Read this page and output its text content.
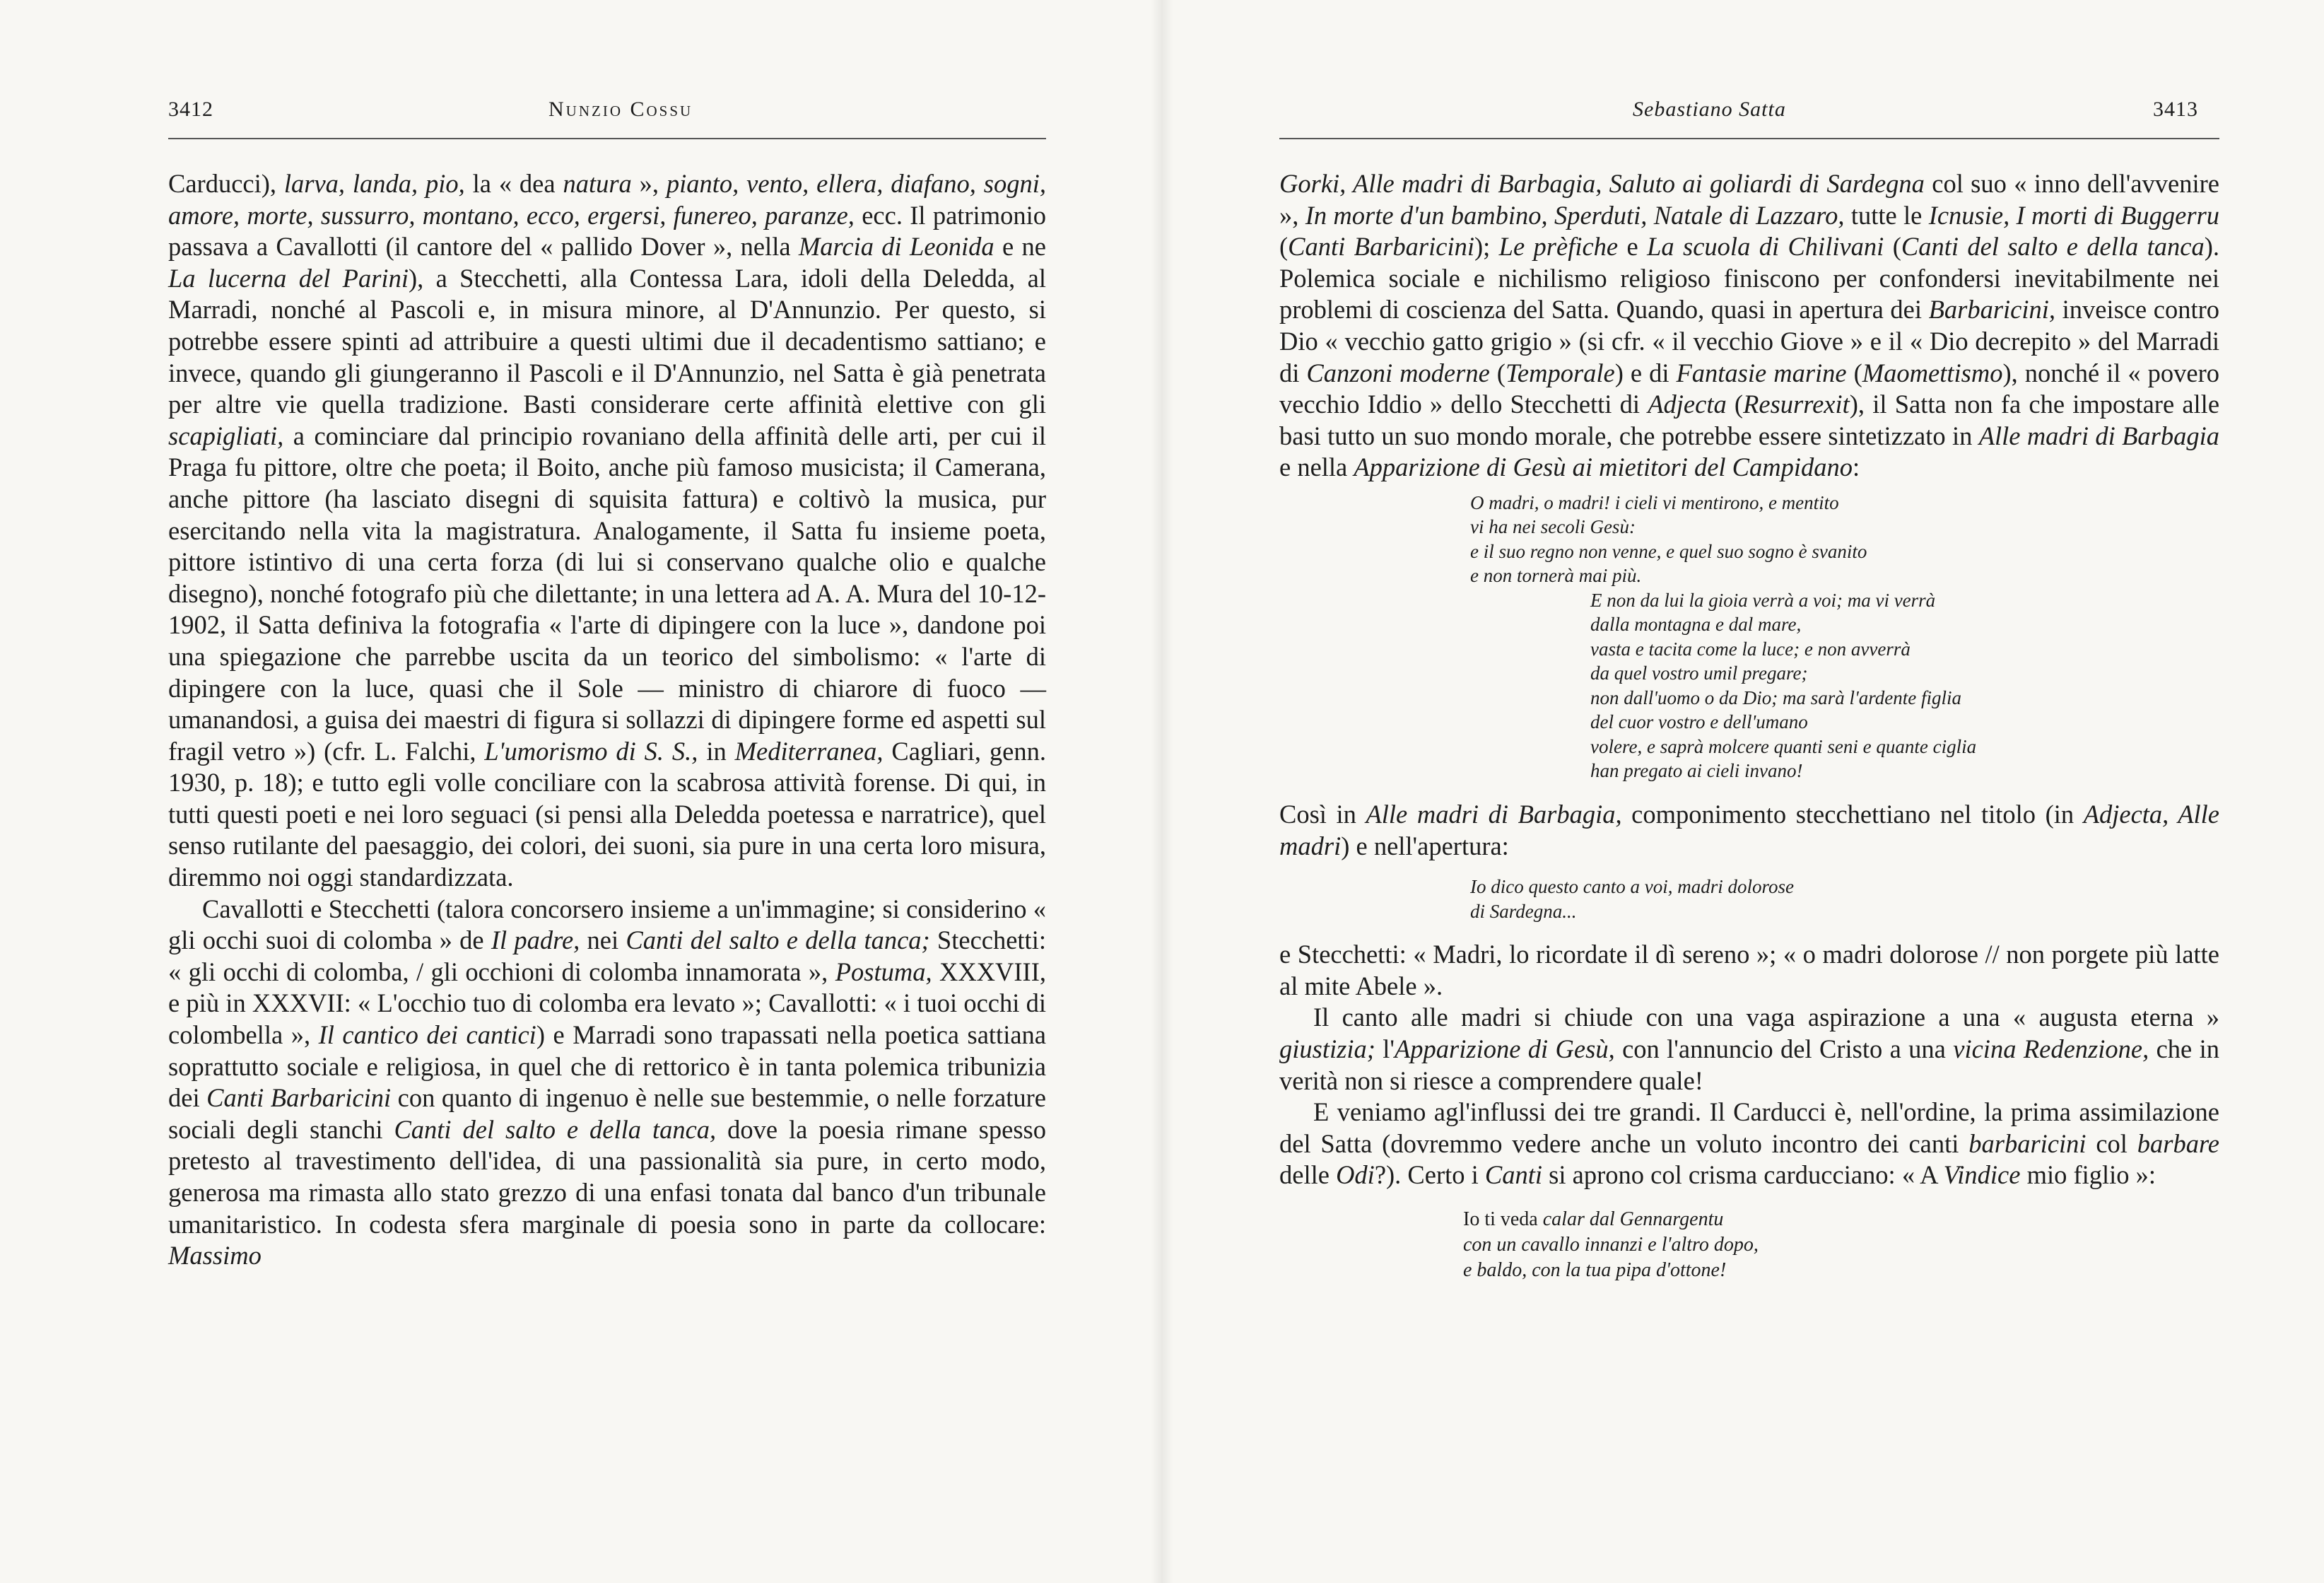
3412	Nunzio Cossu

Carducci), larva, landa, pio, la « dea natura », pianto, vento, ellera, diafano, sogni, amore, morte, sussurro, montano, ecco, ergersi, funereo, paranze, ecc. Il patrimonio passava a Cavallotti (il cantore del « pallido Dover », nella Marcia di Leonida e ne La lucerna del Parini), a Stecchetti, alla Contessa Lara, idoli della Deledda, al Marradi, nonché al Pascoli e, in misura minore, al D'Annunzio. Per questo, si potrebbe essere spinti ad attribuire a questi ultimi due il decadentismo sattiano; e invece, quando gli giungeranno il Pascoli e il D'Annunzio, nel Satta è già penetrata per altre vie quella tradizione. Basti considerare certe affinità elettive con gli scapigliati, a cominciare dal principio rovaniano della affinità delle arti, per cui il Praga fu pittore, oltre che poeta; il Boito, anche più famoso musicista; il Camerana, anche pittore (ha lasciato disegni di squisita fattura) e coltivò la musica, pur esercitando nella vita la magistratura. Analogamente, il Satta fu insieme poeta, pittore istintivo di una certa forza (di lui si conservano qualche olio e qualche disegno), nonché fotografo più che dilettante; in una lettera ad A. A. Mura del 10-12-1902, il Satta definiva la fotografia « l'arte di dipingere con la luce », dandone poi una spiegazione che parrebbe uscita da un teorico del simbolismo: « l'arte di dipingere con la luce, quasi che il Sole — ministro di chiarore di fuoco — umanandosi, a guisa dei maestri di figura si sollazzi di dipingere forme ed aspetti sul fragil vetro ») (cfr. L. Falchi, L'umorismo di S. S., in Mediterranea, Cagliari, genn. 1930, p. 18); e tutto egli volle conciliare con la scabrosa attività forense. Di qui, in tutti questi poeti e nei loro seguaci (si pensi alla Deledda poetessa e narratrice), quel senso rutilante del paesaggio, dei colori, dei suoni, sia pure in una certa loro misura, diremmo noi oggi standardizzata.

Cavallotti e Stecchetti (talora concorsero insieme a un'immagine; si considerino « gli occhi suoi di colomba » de Il padre, nei Canti del salto e della tanca; Stecchetti: « gli occhi di colomba, / gli occhioni di colomba innamorata », Postuma, XXXVIII, e più in XXXVII: « L'occhio tuo di colomba era levato »; Cavallotti: « i tuoi occhi di colombella », Il cantico dei cantici) e Marradi sono trapassati nella poetica sattiana soprattutto sociale e religiosa, in quel che di rettorico è in tanta polemica tribunizia dei Canti Barbaricini con quanto di ingenuo è nelle sue bestemmie, o nelle forzature sociali degli stanchi Canti del salto e della tanca, dove la poesia rimane spesso pretesto al travestimento dell'idea, di una passionalità sia pure, in certo modo, generosa ma rimasta allo stato grezzo di una enfasi tonata dal banco d'un tribunale umanitaristico. In codesta sfera marginale di poesia sono in parte da collocare: Massimo

Sebastiano Satta	3413

Gorki, Alle madri di Barbagia, Saluto ai goliardi di Sardegna col suo « inno dell'avvenire », In morte d'un bambino, Sperduti, Natale di Lazzaro, tutte le Icnusie, I morti di Buggerru (Canti Barbaricini); Le prèfiche e La scuola di Chilivani (Canti del salto e della tanca). Polemica sociale e nichilismo religioso finiscono per confondersi inevitabilmente nei problemi di coscienza del Satta. Quando, quasi in apertura dei Barbaricini, inveisce contro Dio « vecchio gatto grigio » (si cfr. « il vecchio Giove » e il « Dio decrepito » del Marradi di Canzoni moderne (Temporale) e di Fantasie marine (Maomettismo), nonché il « povero vecchio Iddio » dello Stecchetti di Adjecta (Resurrexit), il Satta non fa che impostare alle basi tutto un suo mondo morale, che potrebbe essere sintetizzato in Alle madri di Barbagia e nella Apparizione di Gesù ai mietitori del Campidano:

O madri, o madri! i cieli vi mentirono, e mentito
vi ha nei secoli Gesù:
e il suo regno non venne, e quel suo sogno è svanito
e non tornerà mai più.
E non da lui la gioia verrà a voi; ma vi verrà
dalla montagna e dal mare,
vasta e tacita come la luce; e non avverrà
da quel vostro umil pregare;
non dall'uomo o da Dio; ma sarà l'ardente figlia
del cuor vostro e dell'umano
volere, e saprà molcere quanti seni e quante ciglia
han pregato ai cieli invano!

Così in Alle madri di Barbagia, componimento stecchettiano nel titolo (in Adjecta, Alle madri) e nell'apertura:

Io dico questo canto a voi, madri dolorose
di Sardegna...

e Stecchetti: « Madri, lo ricordate il dì sereno »; « o madri dolorose // non porgete più latte al mite Abele ».

Il canto alle madri si chiude con una vaga aspirazione a una « augusta eterna » giustizia; l'Apparizione di Gesù, con l'annuncio del Cristo a una vicina Redenzione, che in verità non si riesce a comprendere quale!

E veniamo agl'influssi dei tre grandi. Il Carducci è, nell'ordine, la prima assimilazione del Satta (dovremmo vedere anche un voluto incontro dei canti barbaricini col barbare delle Odi?). Certo i Canti si aprono col crisma carducciano: « A Vindice mio figlio »:

Io ti veda calar dal Gennargentu
con un cavallo innanzi e l'altro dopo,
e baldo, con la tua pipa d'ottone!
